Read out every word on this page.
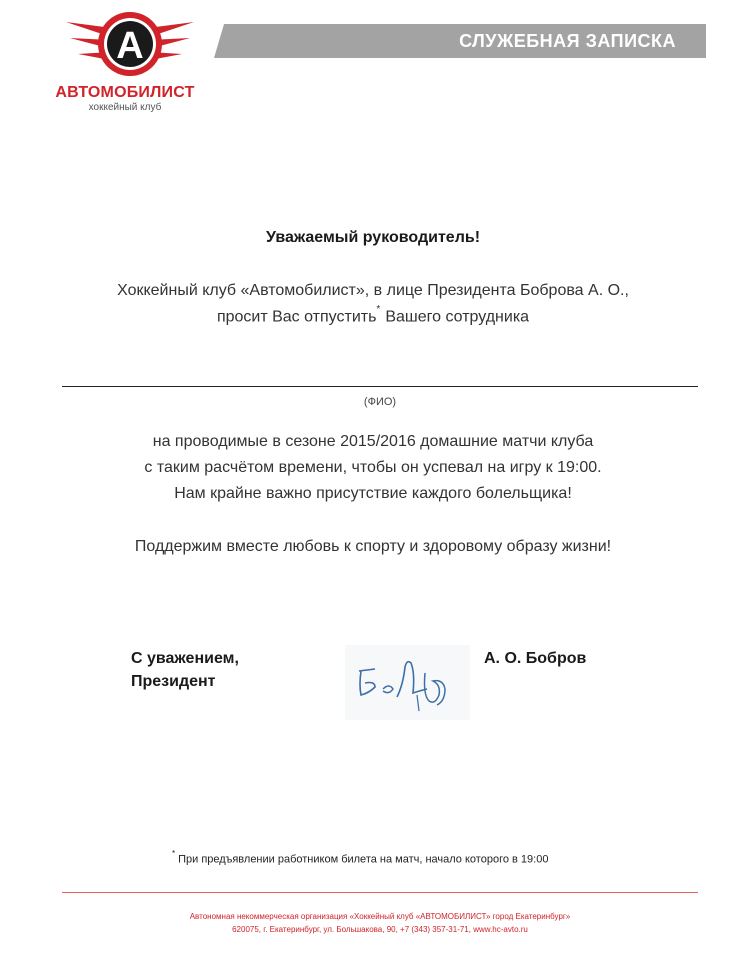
А
АВТОМОБИЛИСТ
хоккейный клуб
СЛУЖЕБНАЯ ЗАПИСКА
Уважаемый руководитель!
Хоккейный клуб «Автомобилист», в лице Президента Боброва А. О.,
просит Вас отпустить* Вашего сотрудника
(ФИО)
на проводимые в сезоне 2015/2016 домашние матчи клуба
с таким расчётом времени, чтобы он успевал на игру к 19:00.
Нам крайне важно присутствие каждого болельщика!
Поддержим вместе любовь к спорту и здоровому образу жизни!
С уважением,
Президент
А. О. Бобров
*При предъявлении работником билета на матч, начало которого в 19:00
Автономная некоммерческая организация «Хоккейный клуб «АВТОМОБИЛИСТ» город Екатеринбург»
620075, г. Екатеринбург, ул. Большакова, 90, +7 (343) 357-31-71, www.hc-avto.ru
